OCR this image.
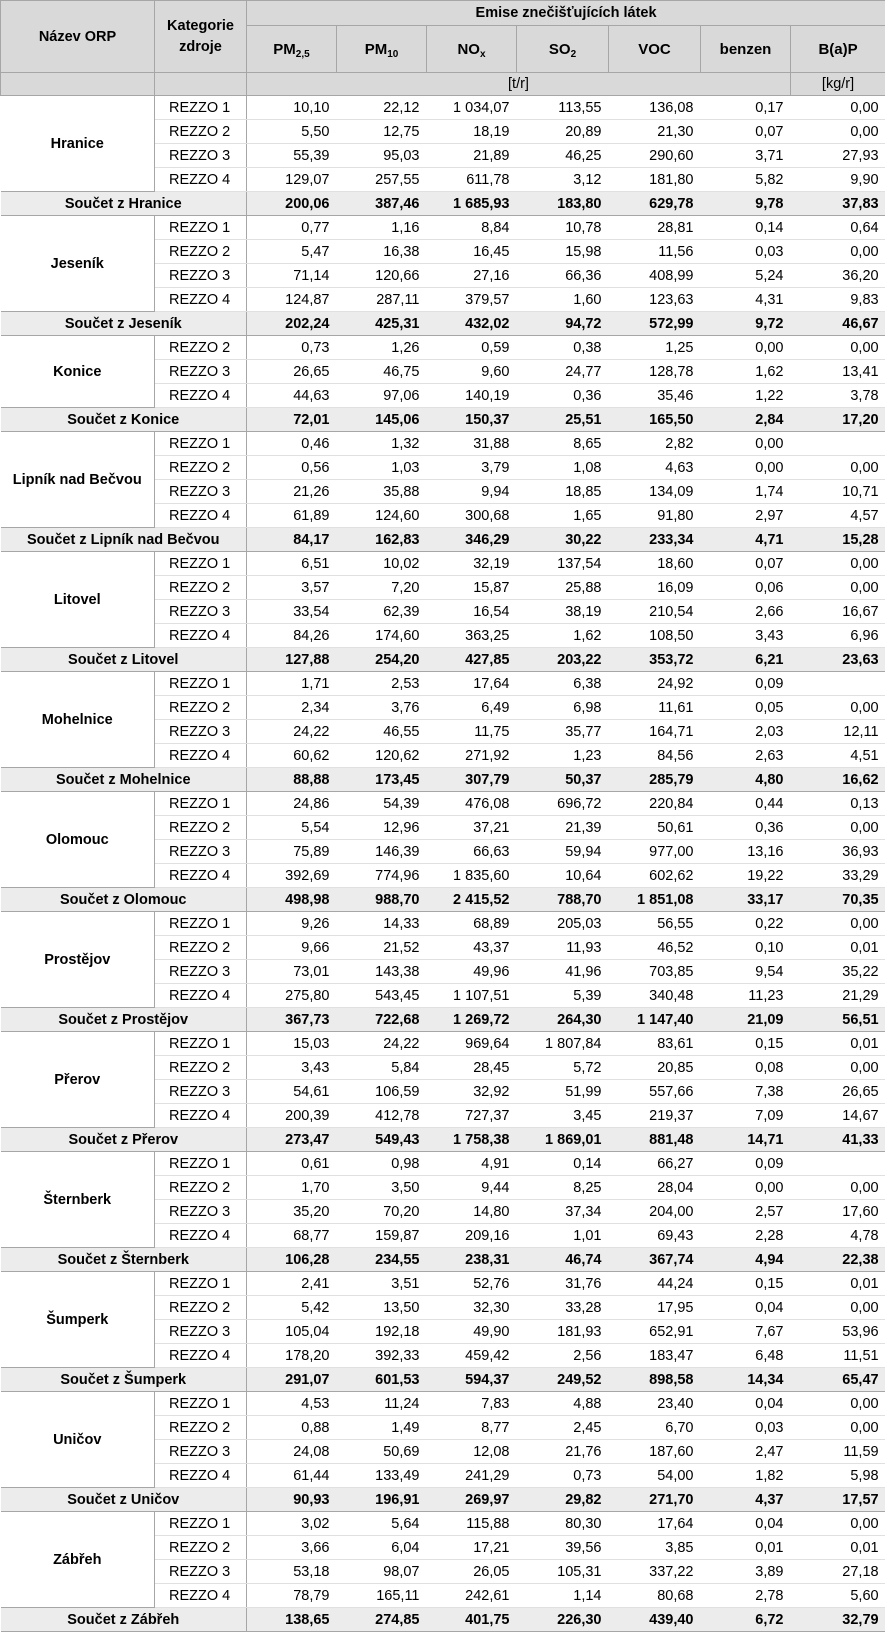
Název ORP	Kategorie zdroje	Emise znečišťujících látek						
		$PM_{2,5}$	$PM_{10}$	$NO_x$	$SO_2$	VOC	benzen	B(a)P
		[t/r]						[kg/r]
Hranice	REZZO 1	10,10	22,12	1 034,07	113,55	136,08	0,17	0,00
	REZZO 2	5,50	12,75	18,19	20,89	21,30	0,07	0,00
	REZZO 3	55,39	95,03	21,89	46,25	290,60	3,71	27,93
	REZZO 4	129,07	257,55	611,78	3,12	181,80	5,82	9,90
Součet z Hranice		200,06	387,46	1 685,93	183,80	629,78	9,78	37,83
Jeseník	REZZO 1	0,77	1,16	8,84	10,78	28,81	0,14	0,64
	REZZO 2	5,47	16,38	16,45	15,98	11,56	0,03	0,00
	REZZO 3	71,14	120,66	27,16	66,36	408,99	5,24	36,20
	REZZO 4	124,87	287,11	379,57	1,60	123,63	4,31	9,83
Součet z Jeseník		202,24	425,31	432,02	94,72	572,99	9,72	46,67
Konice	REZZO 2	0,73	1,26	0,59	0,38	1,25	0,00	0,00
	REZZO 3	26,65	46,75	9,60	24,77	128,78	1,62	13,41
	REZZO 4	44,63	97,06	140,19	0,36	35,46	1,22	3,78
Součet z Konice		72,01	145,06	150,37	25,51	165,50	2,84	17,20
Lipník nad Bečvou	REZZO 1	0,46	1,32	31,88	8,65	2,82	0,00	
	REZZO 2	0,56	1,03	3,79	1,08	4,63	0,00	0,00
	REZZO 3	21,26	35,88	9,94	18,85	134,09	1,74	10,71
	REZZO 4	61,89	124,60	300,68	1,65	91,80	2,97	4,57
Součet z Lipník nad Bečvou		84,17	162,83	346,29	30,22	233,34	4,71	15,28
Litovel	REZZO 1	6,51	10,02	32,19	137,54	18,60	0,07	0,00
	REZZO 2	3,57	7,20	15,87	25,88	16,09	0,06	0,00
	REZZO 3	33,54	62,39	16,54	38,19	210,54	2,66	16,67
	REZZO 4	84,26	174,60	363,25	1,62	108,50	3,43	6,96
Součet z Litovel		127,88	254,20	427,85	203,22	353,72	6,21	23,63
Mohelnice	REZZO 1	1,71	2,53	17,64	6,38	24,92	0,09	
	REZZO 2	2,34	3,76	6,49	6,98	11,61	0,05	0,00
	REZZO 3	24,22	46,55	11,75	35,77	164,71	2,03	12,11
	REZZO 4	60,62	120,62	271,92	1,23	84,56	2,63	4,51
Součet z Mohelnice		88,88	173,45	307,79	50,37	285,79	4,80	16,62
Olomouc	REZZO 1	24,86	54,39	476,08	696,72	220,84	0,44	0,13
	REZZO 2	5,54	12,96	37,21	21,39	50,61	0,36	0,00
	REZZO 3	75,89	146,39	66,63	59,94	977,00	13,16	36,93
	REZZO 4	392,69	774,96	1 835,60	10,64	602,62	19,22	33,29
Součet z Olomouc		498,98	988,70	2 415,52	788,70	1 851,08	33,17	70,35
Prostějov	REZZO 1	9,26	14,33	68,89	205,03	56,55	0,22	0,00
	REZZO 2	9,66	21,52	43,37	11,93	46,52	0,10	0,01
	REZZO 3	73,01	143,38	49,96	41,96	703,85	9,54	35,22
	REZZO 4	275,80	543,45	1 107,51	5,39	340,48	11,23	21,29
Součet z Prostějov		367,73	722,68	1 269,72	264,30	1 147,40	21,09	56,51
Přerov	REZZO 1	15,03	24,22	969,64	1 807,84	83,61	0,15	0,01
	REZZO 2	3,43	5,84	28,45	5,72	20,85	0,08	0,00
	REZZO 3	54,61	106,59	32,92	51,99	557,66	7,38	26,65
	REZZO 4	200,39	412,78	727,37	3,45	219,37	7,09	14,67
Součet z Přerov		273,47	549,43	1 758,38	1 869,01	881,48	14,71	41,33
Šternberk	REZZO 1	0,61	0,98	4,91	0,14	66,27	0,09	
	REZZO 2	1,70	3,50	9,44	8,25	28,04	0,00	0,00
	REZZO 3	35,20	70,20	14,80	37,34	204,00	2,57	17,60
	REZZO 4	68,77	159,87	209,16	1,01	69,43	2,28	4,78
Součet z Šternberk		106,28	234,55	238,31	46,74	367,74	4,94	22,38
Šumperk	REZZO 1	2,41	3,51	52,76	31,76	44,24	0,15	0,01
	REZZO 2	5,42	13,50	32,30	33,28	17,95	0,04	0,00
	REZZO 3	105,04	192,18	49,90	181,93	652,91	7,67	53,96
	REZZO 4	178,20	392,33	459,42	2,56	183,47	6,48	11,51
Součet z Šumperk		291,07	601,53	594,37	249,52	898,58	14,34	65,47
Uničov	REZZO 1	4,53	11,24	7,83	4,88	23,40	0,04	0,00
	REZZO 2	0,88	1,49	8,77	2,45	6,70	0,03	0,00
	REZZO 3	24,08	50,69	12,08	21,76	187,60	2,47	11,59
	REZZO 4	61,44	133,49	241,29	0,73	54,00	1,82	5,98
Součet z Uničov		90,93	196,91	269,97	29,82	271,70	4,37	17,57
Zábřeh	REZZO 1	3,02	5,64	115,88	80,30	17,64	0,04	0,00
	REZZO 2	3,66	6,04	17,21	39,56	3,85	0,01	0,01
	REZZO 3	53,18	98,07	26,05	105,31	337,22	3,89	27,18
	REZZO 4	78,79	165,11	242,61	1,14	80,68	2,78	5,60
Součet z Zábřeh		138,65	274,85	401,75	226,30	439,40	6,72	32,79
